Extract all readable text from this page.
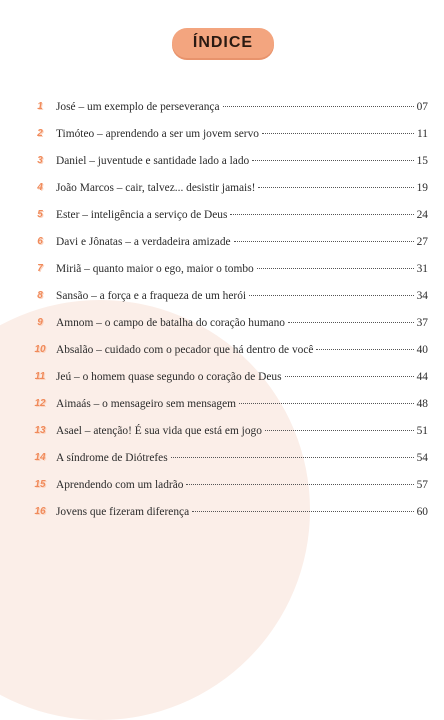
ÍNDICE
1	José – um exemplo de perseverança	07
2	Timóteo – aprendendo a ser um jovem servo	11
3	Daniel – juventude e santidade lado a lado	15
4	João Marcos – cair, talvez... desistir jamais!	19
5	Ester – inteligência a serviço de Deus	24
6	Davi e Jônatas – a verdadeira amizade	27
7	Miriã – quanto maior o ego, maior o tombo	31
8	Sansão – a força e a fraqueza de um herói	34
9	Amnom – o campo de batalha do coração humano	37
10 Absalão – cuidado com o pecador que há dentro de você	40
11 Jeú – o homem quase segundo o coração de Deus	44
12 Aimaás – o mensageiro sem mensagem	48
13 Asael – atenção! É sua vida que está em jogo	51
14 A síndrome de Diótrefes	54
15 Aprendendo com um ladrão	57
16 Jovens que fizeram diferença	60
